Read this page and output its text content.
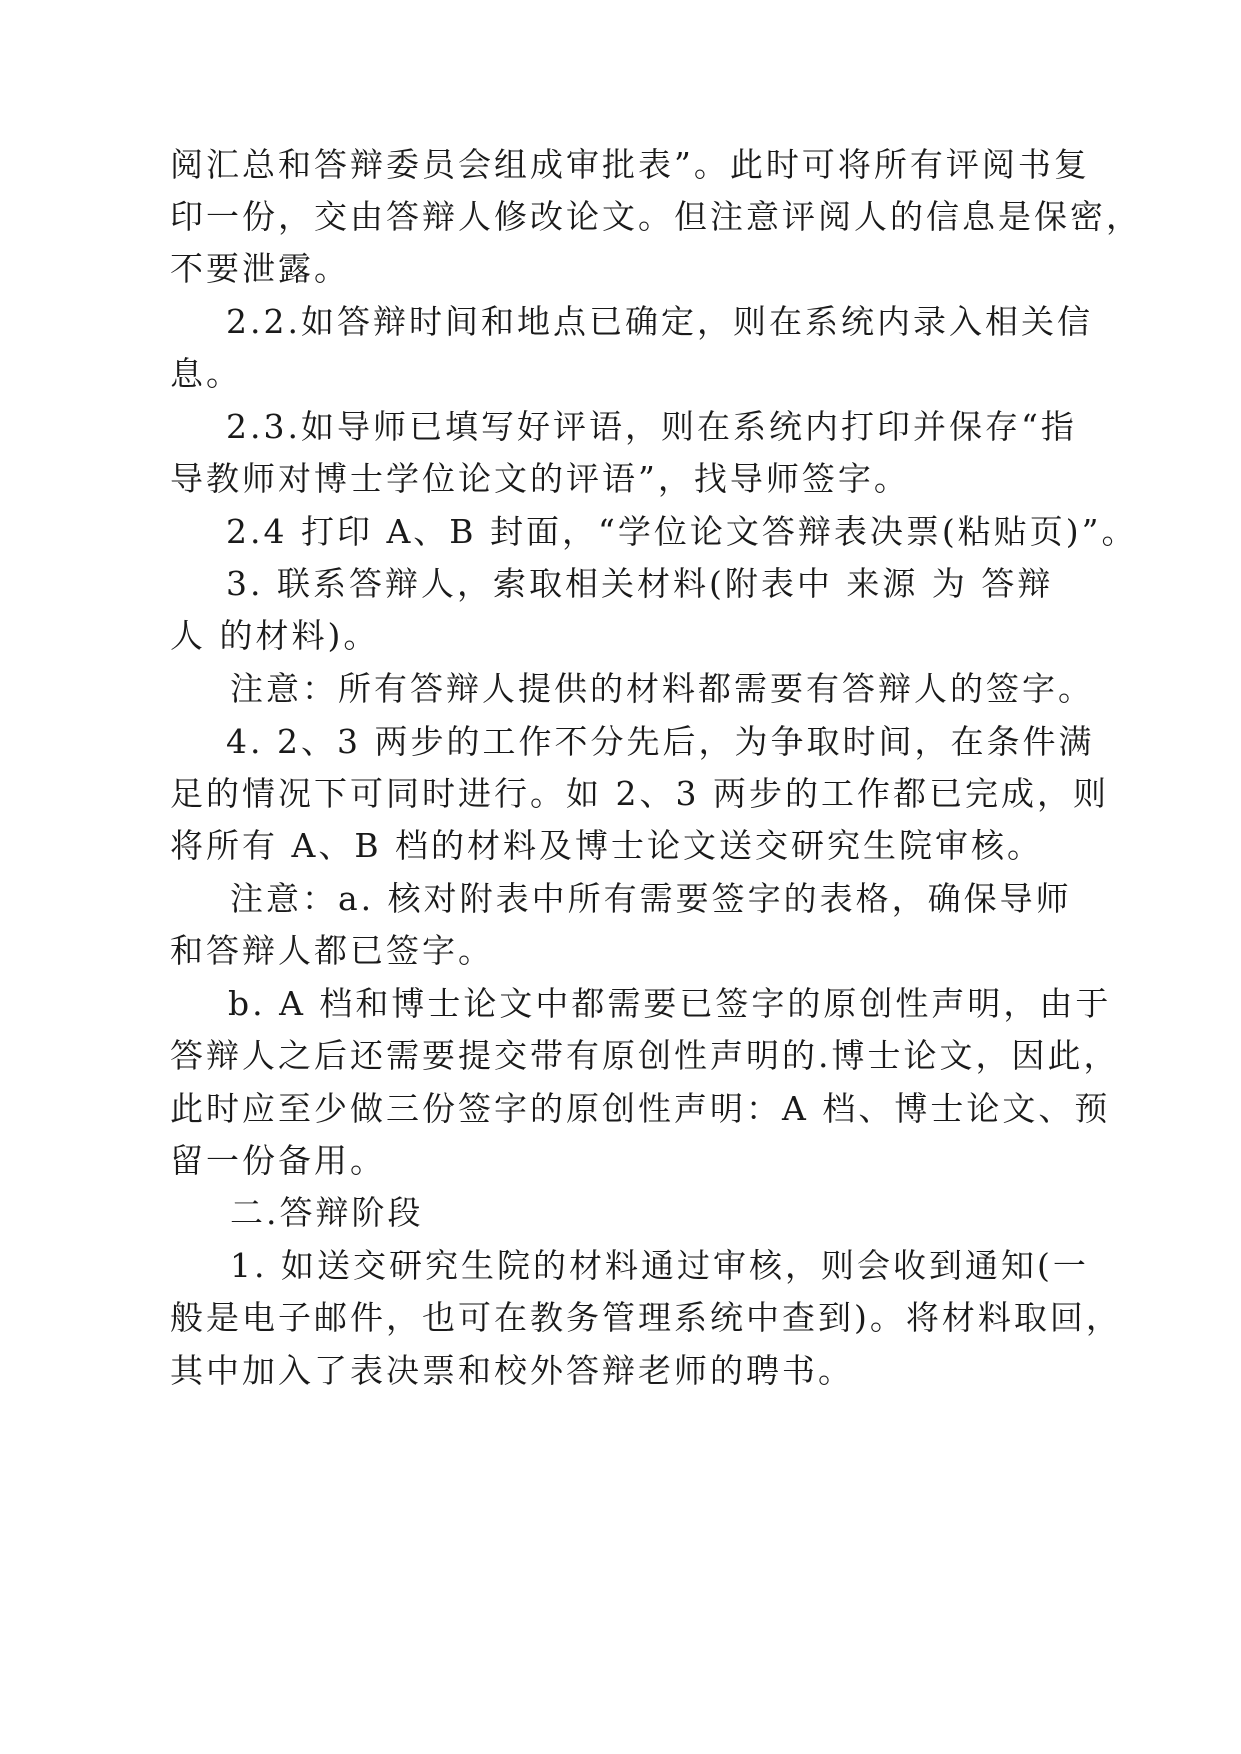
阅汇总和答辩委员会组成审批表”。此时可将所有评阅书复
印一份，交由答辩人修改论文。但注意评阅人的信息是保密，
不要泄露。
2.2.如答辩时间和地点已确定，则在系统内录入相关信
息。
2.3.如导师已填写好评语，则在系统内打印并保存“指
导教师对博士学位论文的评语”，找导师签字。
2.4 打印 A、B 封面，“学位论文答辩表决票(粘贴页)”。
3. 联系答辩人，索取相关材料(附表中 来源 为 答辩
人 的材料)。
注意：所有答辩人提供的材料都需要有答辩人的签字。
4. 2、3 两步的工作不分先后，为争取时间，在条件满
足的情况下可同时进行。如 2、3 两步的工作都已完成，则
将所有 A、B 档的材料及博士论文送交研究生院审核。
注意：a. 核对附表中所有需要签字的表格，确保导师
和答辩人都已签字。
b. A 档和博士论文中都需要已签字的原创性声明，由于
答辩人之后还需要提交带有原创性声明的.博士论文，因此，
此时应至少做三份签字的原创性声明：A 档、博士论文、预
留一份备用。
二.答辩阶段
1. 如送交研究生院的材料通过审核，则会收到通知(一
般是电子邮件，也可在教务管理系统中查到)。将材料取回，
其中加入了表决票和校外答辩老师的聘书。
